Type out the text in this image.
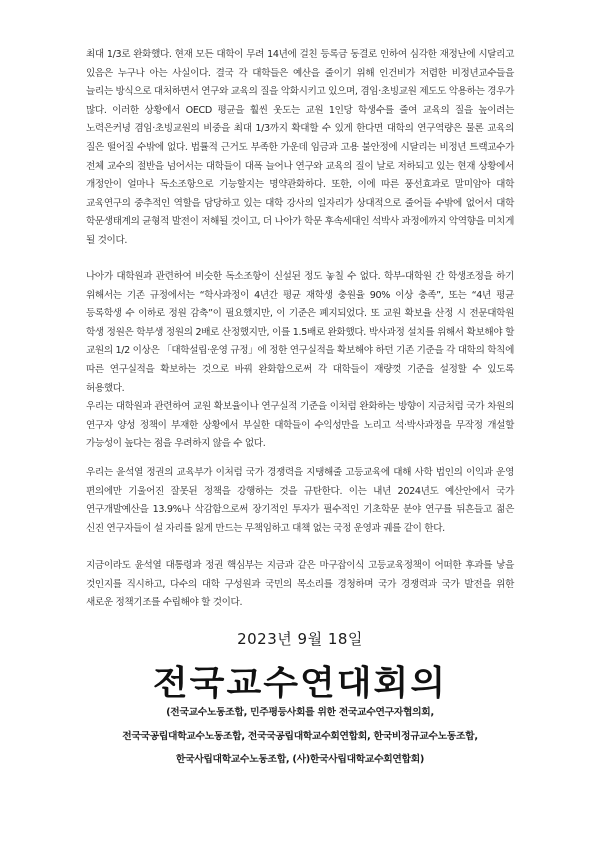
최대 1/3로 완화했다. 현재 모든 대학이 무려 14년에 걸친 등록금 동결로 인하여 심각한 재정난에 시달리고 있음은 누구나 아는 사실이다. 결국 각 대학들은 예산을 줄이기 위해 인건비가 저렴한 비정년교수들을 늘리는 방식으로 대처하면서 연구와 교육의 질을 악화시키고 있으며, 겸임·초빙교원 제도도 악용하는 경우가 많다. 이러한 상황에서 OECD 평균을 훨씬 웃도는 교원 1인당 학생수를 줄여 교육의 질을 높이려는 노력은커녕 겸임·초빙교원의 비중을 최대 1/3까지 확대할 수 있게 한다면 대학의 연구역량은 물론 교육의 질은 떨어질 수밖에 없다. 법률적 근거도 부족한 가운데 임금과 고용 불안정에 시달리는 비정년 트랙교수가 전체 교수의 절반을 넘어서는 대학들이 대폭 늘어나 연구와 교육의 질이 날로 저하되고 있는 현재 상황에서 개정안이 얼마나 독소조항으로 기능할지는 명약관화하다. 또한, 이에 따른 풍선효과로 말미암아 대학 교육연구의 중추적인 역할을 담당하고 있는 대학 강사의 일자리가 상대적으로 줄어들 수밖에 없어서 대학 학문생태계의 균형적 발전이 저해될 것이고, 더 나아가 학문 후속세대인 석박사 과정에까지 악역향을 미치게 될 것이다.

나아가 대학원과 관련하여 비슷한 독소조항이 신설된 정도 놓칠 수 없다. 학부-대학원 간 학생조정을 하기 위해서는 기존 규정에서는 “학사과정이 4년간 평균 재학생 충원율 90% 이상 충족”, 또는 “4년 평균 등록학생 수 이하로 정원 감축”이 필요했지만, 이 기준은 폐지되었다. 또 교원 확보율 산정 시 전문대학원 학생 정원은 학부생 정원의 2배로 산정했지만, 이를 1.5배로 완화했다. 박사과정 설치를 위해서 확보해야 할 교원의 1/2 이상은 「대학설립·운영 규정」에 정한 연구실적을 확보해야 하던 기존 기준을 각 대학의 학칙에 따른 연구실적을 확보하는 것으로 바꿔 완화함으로써 각 대학들이 재량껏 기준을 설정할 수 있도록 허용했다.

우리는 대학원과 관련하여 교원 확보율이나 연구실적 기준을 이처럼 완화하는 방향이 지금처럼 국가 차원의 연구자 양성 정책이 부재한 상황에서 부실한 대학들이 수익성만을 노리고 석·박사과정을 무작정 개설할 가능성이 높다는 점을 우려하지 않을 수 없다.

우리는 윤석열 정권의 교육부가 이처럼 국가 경쟁력을 지탱해줄 고등교육에 대해 사학 법인의 이익과 운영 편의에만 기울어진 잘못된 정책을 강행하는 것을 규탄한다. 이는 내년 2024년도 예산안에서 국가 연구개발예산을 13.9%나 삭감함으로써 장기적인 투자가 필수적인 기초학문 분야 연구를 뒤흔들고 젊은 신진 연구자들이 설 자리를 잃게 만드는 무책임하고 대책 없는 국정 운영과 궤를 같이 한다.

지금이라도 윤석열 대통령과 정권 핵심부는 지금과 같은 마구잡이식 고등교육정책이 어떠한 후과를 낳을 것인지를 직시하고, 다수의 대학 구성원과 국민의 목소리를 경청하며 국가 경쟁력과 국가 발전을 위한 새로운 정책기조를 수립해야 할 것이다.

2023년 9월 18일

전국교수연대회의

(전국교수노동조합, 민주평등사회를 위한 전국교수연구자협의회,
전국국공립대학교수노동조합, 전국국공립대학교수회연합회, 한국비정규교수노동조합,
한국사립대학교수노동조합, (사)한국사립대학교수회연합회)
